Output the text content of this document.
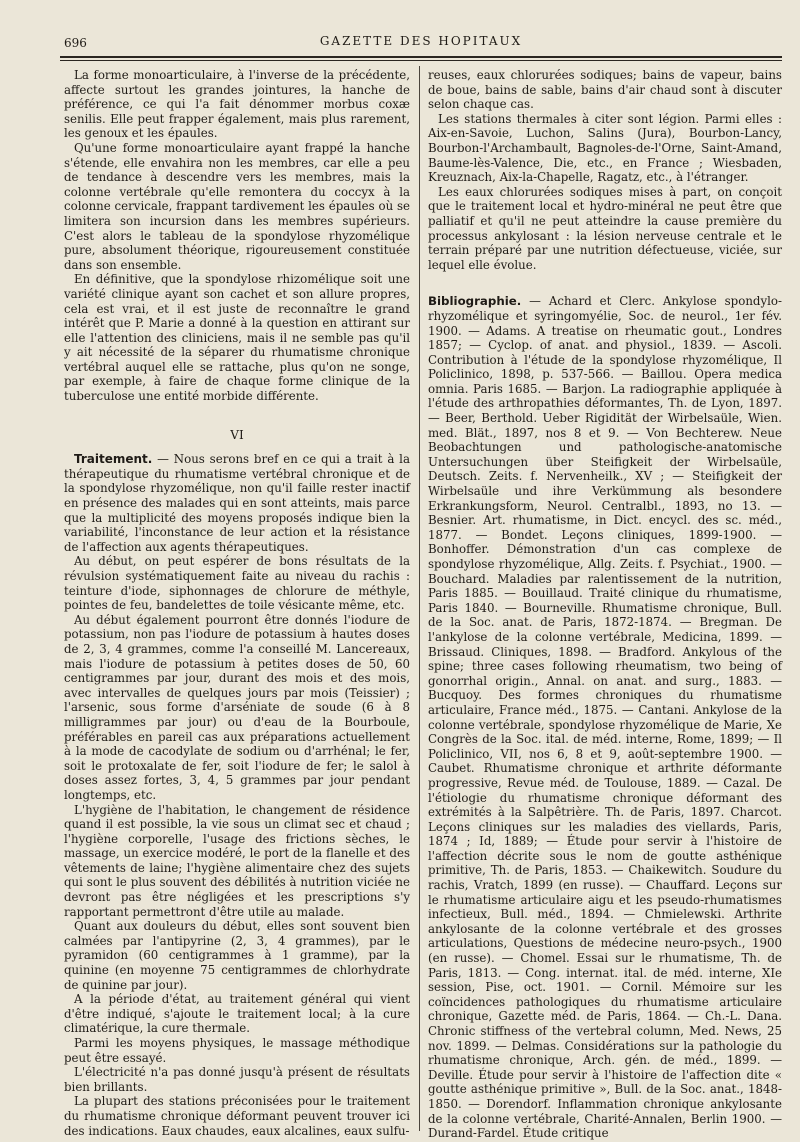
696	GAZETTE DES HOPITAUX

La forme monoarticulaire, à l'inverse de la précédente, affecte surtout les grandes jointures, la hanche de préférence, ce qui l'a fait dénommer morbus coxæ senilis. Elle peut frapper également, mais plus rarement, les genoux et les épaules.

Qu'une forme monoarticulaire ayant frappé la hanche s'étende, elle envahira non les membres, car elle a peu de tendance à descendre vers les membres, mais la colonne vertébrale qu'elle remontera du coccyx à la colonne cervicale, frappant tardivement les épaules où se limitera son incursion dans les membres supérieurs. C'est alors le tableau de la spondylose rhyzomélique pure, absolument théorique, rigoureusement constituée dans son ensemble.

En définitive, que la spondylose rhizomélique soit une variété clinique ayant son cachet et son allure propres, cela est vrai, et il est juste de reconnaître le grand intérêt que P. Marie a donné à la question en attirant sur elle l'attention des cliniciens, mais il ne semble pas qu'il y ait nécessité de la séparer du rhumatisme chronique vertébral auquel elle se rattache, plus qu'on ne songe, par exemple, à faire de chaque forme clinique de la tuberculose une entité morbide différente.

VI

Traitement. — Nous serons bref en ce qui a trait à la thérapeutique du rhumatisme vertébral chronique et de la spondylose rhyzomélique, non qu'il faille rester inactif en présence des malades qui en sont atteints, mais parce que la multiplicité des moyens proposés indique bien la variabilité, l'inconstance de leur action et la résistance de l'affection aux agents thérapeutiques.

Au début, on peut espérer de bons résultats de la révulsion systématiquement faite au niveau du rachis : teinture d'iode, siphonnages de chlorure de méthyle, pointes de feu, bandelettes de toile vésicante même, etc.

Au début également pourront être donnés l'iodure de potassium, non pas l'iodure de potassium à hautes doses de 2, 3, 4 grammes, comme l'a conseillé M. Lancereaux, mais l'iodure de potassium à petites doses de 50, 60 centigrammes par jour, durant des mois et des mois, avec intervalles de quelques jours par mois (Teissier) ; l'arsenic, sous forme d'arséniate de soude (6 à 8 milligrammes par jour) ou d'eau de la Bourboule, préférables en pareil cas aux préparations actuellement à la mode de cacodylate de sodium ou d'arrhénal; le fer, soit le protoxalate de fer, soit l'iodure de fer; le salol à doses assez fortes, 3, 4, 5 grammes par jour pendant longtemps, etc.

L'hygiène de l'habitation, le changement de résidence quand il est possible, la vie sous un climat sec et chaud ; l'hygiène corporelle, l'usage des frictions sèches, le massage, un exercice modéré, le port de la flanelle et des vêtements de laine; l'hygiène alimentaire chez des sujets qui sont le plus souvent des débilités à nutrition viciée ne devront pas être négligées et les prescriptions s'y rapportant permettront d'être utile au malade.

Quant aux douleurs du début, elles sont souvent bien calmées par l'antipyrine (2, 3, 4 grammes), par le pyramidon (60 centigrammes à 1 gramme), par la quinine (en moyenne 75 centigrammes de chlorhydrate de quinine par jour).

A la période d'état, au traitement général qui vient d'être indiqué, s'ajoute le traitement local; à la cure climatérique, la cure thermale.

Parmi les moyens physiques, le massage méthodique peut être essayé.

L'électricité n'a pas donné jusqu'à présent de résultats bien brillants.

La plupart des stations préconisées pour le traitement du rhumatisme chronique déformant peuvent trouver ici des indications. Eaux chaudes, eaux alcalines, eaux sulfu-

reuses, eaux chlorurées sodiques; bains de vapeur, bains de boue, bains de sable, bains d'air chaud sont à discuter selon chaque cas.

Les stations thermales à citer sont légion. Parmi elles : Aix-en-Savoie, Luchon, Salins (Jura), Bourbon-Lancy, Bourbon-l'Archambault, Bagnoles-de-l'Orne, Saint-Amand, Baume-lès-Valence, Die, etc., en France ; Wiesbaden, Kreuznach, Aix-la-Chapelle, Ragatz, etc., à l'étranger.

Les eaux chlorurées sodiques mises à part, on conçoit que le traitement local et hydro-minéral ne peut être que palliatif et qu'il ne peut atteindre la cause première du processus ankylosant : la lésion nerveuse centrale et le terrain préparé par une nutrition défectueuse, viciée, sur lequel elle évolue.

Bibliographie. — Achard et Clerc. Ankylose spondylo-rhyzomélique et syringomyélie, Soc. de neurol., 1er fév. 1900. — Adams. A treatise on rheumatic gout., Londres 1857; — Cyclop. of anat. and physiol., 1839. — Ascoli. Contribution à l'étude de la spondylose rhyzomélique, Il Policlinico, 1898, p. 537-566. — Baillou. Opera medica omnia. Paris 1685. — Barjon. La radiographie appliquée à l'étude des arthropathies déformantes, Th. de Lyon, 1897. — Beer, Berthold. Ueber Rigidität der Wirbelsaüle, Wien. med. Blät., 1897, nos 8 et 9. — Von Bechterew. Neue Beobachtungen und pathologische-anatomische Untersuchungen über Steifigkeit der Wirbelsaüle, Deutsch. Zeits. f. Nervenheilk., XV ; — Steifigkeit der Wirbelsaüle und ihre Verkümmung als besondere Erkrankungsform, Neurol. Centralbl., 1893, no 13. — Besnier. Art. rhumatisme, in Dict. encycl. des sc. méd., 1877. — Bondet. Leçons cliniques, 1899-1900. — Bonhoffer. Démonstration d'un cas complexe de spondylose rhyzomélique, Allg. Zeits. f. Psychiat., 1900. — Bouchard. Maladies par ralentissement de la nutrition, Paris 1885. — Bouillaud. Traité clinique du rhumatisme, Paris 1840. — Bourneville. Rhumatisme chronique, Bull. de la Soc. anat. de Paris, 1872-1874. — Bregman. De l'ankylose de la colonne vertébrale, Medicina, 1899. — Brissaud. Cliniques, 1898. — Bradford. Ankylous of the spine; three cases following rheumatism, two being of gonorrhal origin., Annal. on anat. and surg., 1883. — Bucquoy. Des formes chroniques du rhumatisme articulaire, France méd., 1875. — Cantani. Ankylose de la colonne vertébrale, spondylose rhyzomélique de Marie, Xe Congrès de la Soc. ital. de méd. interne, Rome, 1899; — Il Policlinico, VII, nos 6, 8 et 9, août-septembre 1900. — Caubet. Rhumatisme chronique et arthrite déformante progressive, Revue méd. de Toulouse, 1889. — Cazal. De l'étiologie du rhumatisme chronique déformant des extrémités à la Salpêtrière. Th. de Paris, 1897. Charcot. Leçons cliniques sur les maladies des viellards, Paris, 1874 ; Id, 1889; — Étude pour servir à l'histoire de l'affection décrite sous le nom de goutte asthénique primitive, Th. de Paris, 1853. — Chaikewitch. Soudure du rachis, Vratch, 1899 (en russe). — Chauffard. Leçons sur le rhumatisme articulaire aigu et les pseudo-rhumatismes infectieux, Bull. méd., 1894. — Chmielewski. Arthrite ankylosante de la colonne vertébrale et des grosses articulations, Questions de médecine neuro-psych., 1900 (en russe). — Chomel. Essai sur le rhumatisme, Th. de Paris, 1813. — Cong. internat. ital. de méd. interne, XIe session, Pise, oct. 1901. — Cornil. Mémoire sur les coïncidences pathologiques du rhumatisme articulaire chronique, Gazette méd. de Paris, 1864. — Ch.-L. Dana. Chronic stiffness of the vertebral column, Med. News, 25 nov. 1899. — Delmas. Considérations sur la pathologie du rhumatisme chronique, Arch. gén. de méd., 1899. — Deville. Étude pour servir à l'histoire de l'affection dite « goutte asthénique primitive », Bull. de la Soc. anat., 1848-1850. — Dorendorf. Inflammation chronique ankylosante de la colonne vertébrale, Charité-Annalen, Berlin 1900. — Durand-Fardel. Étude critique
